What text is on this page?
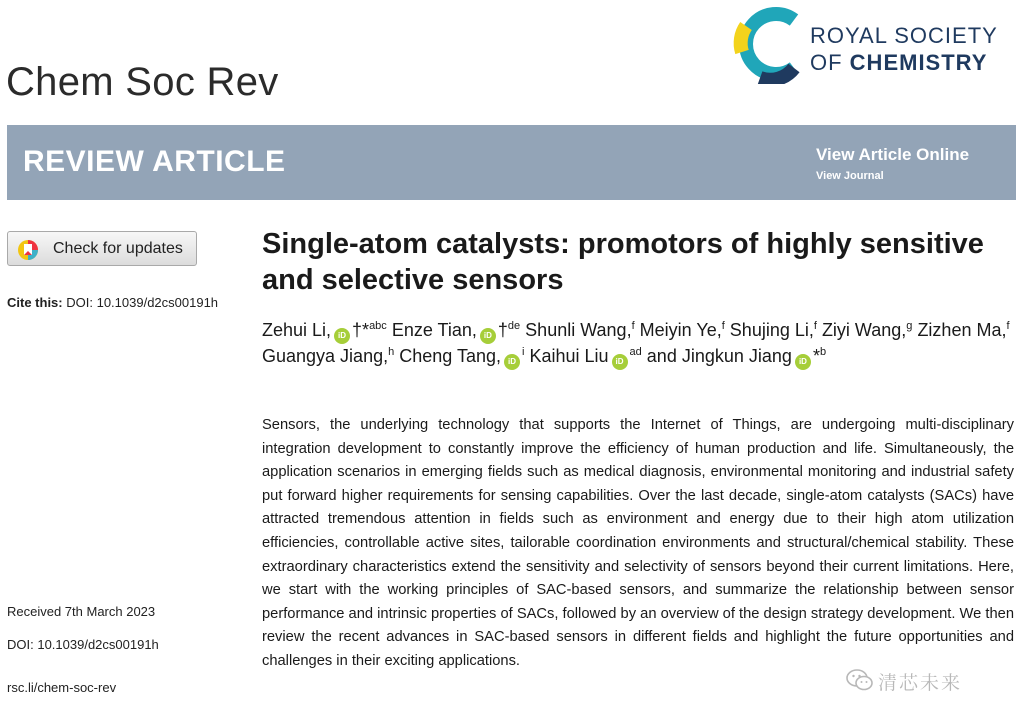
Chem Soc Rev
ROYAL SOCIETY
OF CHEMISTRY
REVIEW ARTICLE	View Article Online
View Journal
Check for updates
Cite this: DOI: 10.1039/d2cs00191h
Received 7th March 2023
DOI: 10.1039/d2cs00191h
rsc.li/chem-soc-rev
Single-atom catalysts: promotors of highly sensitive and selective sensors
Zehui Li, iD †*$^{abc}$ Enze Tian, iD †$^{de}$ Shunli Wang,$^f$ Meiyin Ye,$^f$ Shujing Li,$^f$ Ziyi Wang,$^g$ Zizhen Ma,$^f$ Guangya Jiang,$^h$ Cheng Tang, $iD^i$ Kaihui Liu $iD^{ad}$ and Jingkun Jiang iD *$^b$
Sensors, the underlying technology that supports the Internet of Things, are undergoing multi-disciplinary integration development to constantly improve the efficiency of human production and life. Simultaneously, the application scenarios in emerging fields such as medical diagnosis, environmental monitoring and industrial safety put forward higher requirements for sensing capabilities. Over the last decade, single-atom catalysts (SACs) have attracted tremendous attention in fields such as environment and energy due to their high atom utilization efficiencies, controllable active sites, tailorable coordination environments and structural/chemical stability. These extraordinary characteristics extend the sensitivity and selectivity of sensors beyond their current limitations. Here, we start with the working principles of SAC-based sensors, and summarize the relationship between sensor performance and intrinsic properties of SACs, followed by an overview of the design strategy development. We then review the recent advances in SAC-based sensors in different fields and highlight the future opportunities and challenges in their exciting applications.
清芯未来
